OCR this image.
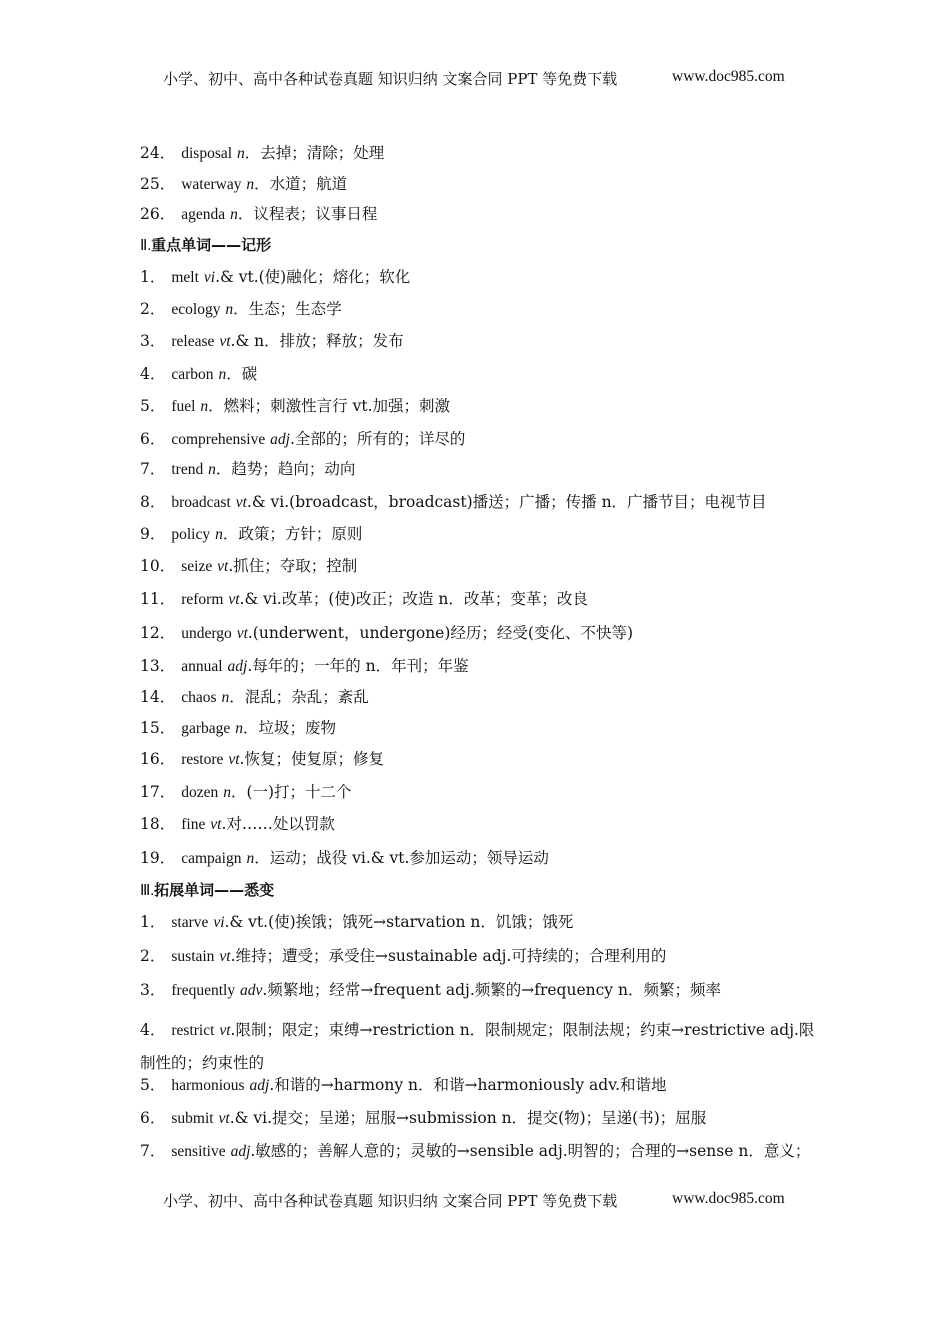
小学、初中、高中各种试卷真题 知识归纳 文案合同 PPT 等免费下载	www.doc985.com
24． disposal n．去掉；清除；处理
25． waterway n．水道；航道
26． agenda n．议程表；议事日程
Ⅱ.重点单词——记形
1． melt vi.& vt.(使)融化；熔化；软化
2． ecology n．生态；生态学
3． release vt.& n．排放；释放；发布
4． carbon n．碳
5． fuel n．燃料；刺激性言行 vt.加强；刺激
6． comprehensive adj.全部的；所有的；详尽的
7． trend n．趋势；趋向；动向
8． broadcast vt.& vi.(broadcast，broadcast)播送；广播；传播 n．广播节目；电视节目
9． policy n．政策；方针；原则
10． seize vt.抓住；夺取；控制
11． reform vt.& vi.改革；(使)改正；改造 n．改革；变革；改良
12． undergo vt.(underwent，undergone)经历；经受(变化、不快等)
13． annual adj.每年的；一年的 n．年刊；年鉴
14． chaos n．混乱；杂乱；紊乱
15． garbage n．垃圾；废物
16． restore vt.恢复；使复原；修复
17． dozen n．(一)打；十二个
18． fine vt.对……处以罚款
19． campaign n．运动；战役 vi.& vt.参加运动；领导运动
Ⅲ.拓展单词——悉变
1． starve vi.& vt.(使)挨饿；饿死→starvation n．饥饿；饿死
2． sustain vt.维持；遭受；承受住→sustainable adj.可持续的；合理利用的
3． frequently adv.频繁地；经常→frequent adj.频繁的→frequency n．频繁；频率
4． restrict vt.限制；限定；束缚→restriction n．限制规定；限制法规；约束→restrictive adj.限制性的；约束性的
5． harmonious adj.和谐的→harmony n．和谐→harmoniously adv.和谐地
6． submit vt.& vi.提交；呈递；屈服→submission n．提交(物)；呈递(书)；屈服
7． sensitive adj.敏感的；善解人意的；灵敏的→sensible adj.明智的；合理的→sense n．意义；
小学、初中、高中各种试卷真题 知识归纳 文案合同 PPT 等免费下载	www.doc985.com
